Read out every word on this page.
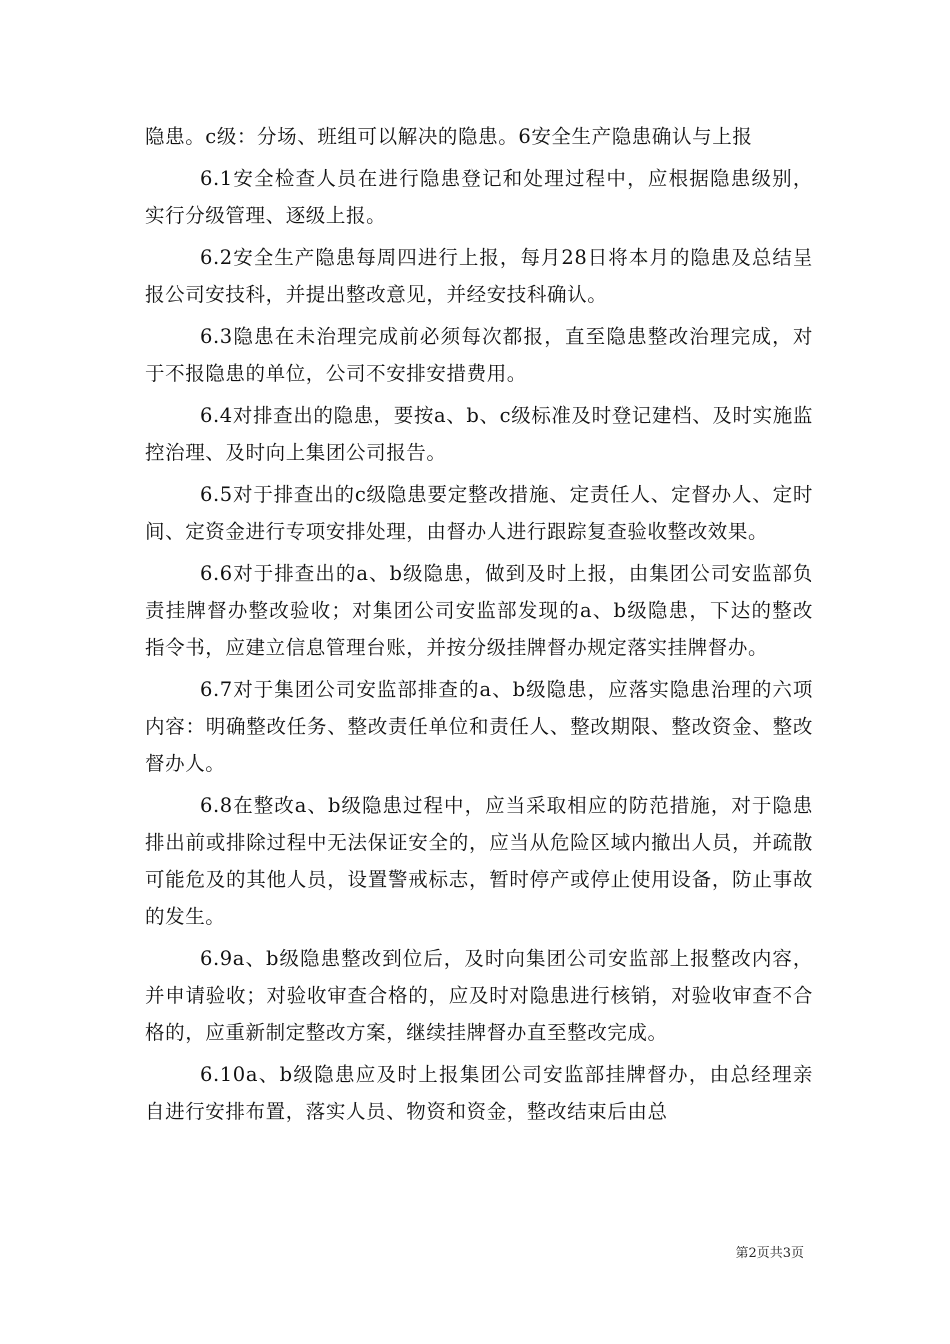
隐患。c级：分场、班组可以解决的隐患。6安全生产隐患确认与上报

6.1安全检查人员在进行隐患登记和处理过程中，应根据隐患级别，实行分级管理、逐级上报。

6.2安全生产隐患每周四进行上报，每月28日将本月的隐患及总结呈报公司安技科，并提出整改意见，并经安技科确认。

6.3隐患在未治理完成前必须每次都报，直至隐患整改治理完成，对于不报隐患的单位，公司不安排安措费用。

6.4对排查出的隐患，要按a、b、c级标准及时登记建档、及时实施监控治理、及时向上集团公司报告。

6.5对于排查出的c级隐患要定整改措施、定责任人、定督办人、定时间、定资金进行专项安排处理，由督办人进行跟踪复查验收整改效果。

6.6对于排查出的a、b级隐患，做到及时上报，由集团公司安监部负责挂牌督办整改验收；对集团公司安监部发现的a、b级隐患，下达的整改指令书，应建立信息管理台账，并按分级挂牌督办规定落实挂牌督办。

6.7对于集团公司安监部排查的a、b级隐患，应落实隐患治理的六项内容：明确整改任务、整改责任单位和责任人、整改期限、整改资金、整改督办人。

6.8在整改a、b级隐患过程中，应当采取相应的防范措施，对于隐患排出前或排除过程中无法保证安全的，应当从危险区域内撤出人员，并疏散可能危及的其他人员，设置警戒标志，暂时停产或停止使用设备，防止事故的发生。

6.9a、b级隐患整改到位后，及时向集团公司安监部上报整改内容，并申请验收；对验收审查合格的，应及时对隐患进行核销，对验收审查不合格的，应重新制定整改方案，继续挂牌督办直至整改完成。

6.10a、b级隐患应及时上报集团公司安监部挂牌督办，由总经理亲自进行安排布置，落实人员、物资和资金，整改结束后由总

第2页共3页
